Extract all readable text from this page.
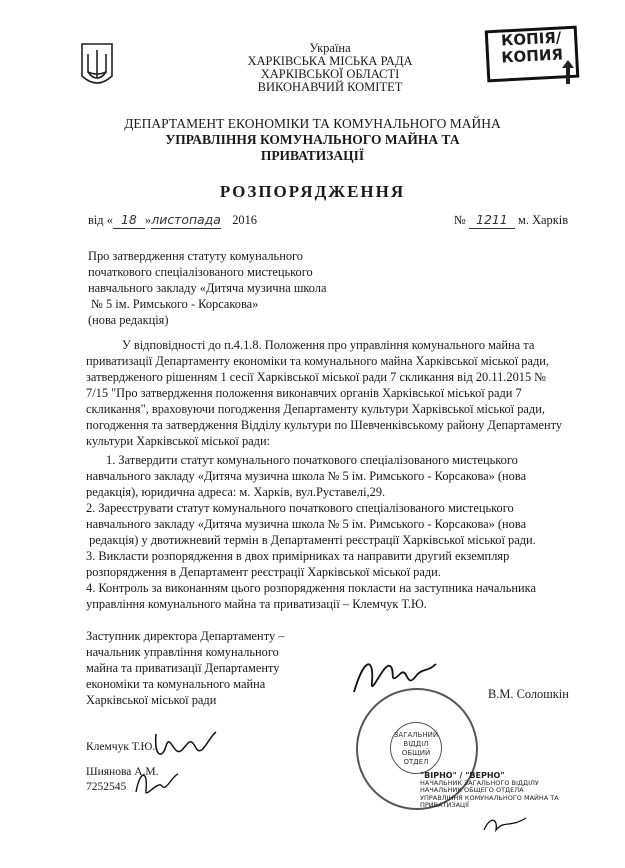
Україна
ХАРКІВСЬКА МІСЬКА РАДА
ХАРКІВСЬКОЇ ОБЛАСТІ
ВИКОНАВЧИЙ КОМІТЕТ
КОПІЯ/
КОПИЯ
ДЕПАРТАМЕНТ ЕКОНОМІКИ ТА КОМУНАЛЬНОГО МАЙНА
УПРАВЛІННЯ КОМУНАЛЬНОГО МАЙНА ТА
ПРИВАТИЗАЦІЇ
РОЗПОРЯДЖЕННЯ
від « 18 »листопада 2016	№ 1211 м. Харків
Про затвердження статуту комунального
початкового спеціалізованого мистецького
навчального закладу «Дитяча музична школа
№ 5 ім. Римського - Корсакова»
(нова редакція)
У відповідності до п.4.1.8. Положення про управління комунального майна та
приватизації Департаменту економіки та комунального майна Харківської міської ради,
затвердженого рішенням 1 сесії Харківської міської ради 7 скликання від 20.11.2015 №
7/15 "Про затвердження положення виконавчих органів Харківської міської ради 7
скликання", враховуючи погодження Департаменту культури Харківської міської ради,
погодження та затвердження Відділу культури по Шевченківському району Департаменту
культури Харківської міської ради:
1. Затвердити статут комунального початкового спеціалізованого мистецького
навчального закладу «Дитяча музична школа № 5 ім. Римського - Корсакова» (нова
редакція), юридична адреса: м. Харків, вул.Руставелі,29.
2. Зареєструвати статут комунального початкового спеціалізованого мистецького
навчального закладу «Дитяча музична школа № 5 ім. Римського - Корсакова» (нова
редакція) у двотижневий термін в Департаменті реєстрації Харківської міської ради.
3. Викласти розпорядження в двох примірниках та направити другий екземпляр
розпорядження в Департамент реєстрації Харківської міської ради.
4. Контроль за виконанням цього розпорядження покласти на заступника начальника
управління комунального майна та приватизації – Клемчук Т.Ю.
Заступник директора Департаменту –
начальник управління комунального
майна та приватизації Департаменту
економіки та комунального майна
Харківської міської ради	В.М. Солошкін
ЗАГАЛЬНИЙ
ВІДДІЛ
ОБЩИЙ ОТДЕЛ
"ВІРНО" / "ВЕРНО"
НАЧАЛЬНИК ЗАГАЛЬНОГО ВІДДІЛУ
НАЧАЛЬНИК ОБЩЕГО ОТДЕЛА
УПРАВЛІННЯ КОМУНАЛЬНОГО МАЙНА ТА ПРИВАТИЗАЦІЇ
Клемчук Т.Ю.
Шиянова А.М.
7252545
